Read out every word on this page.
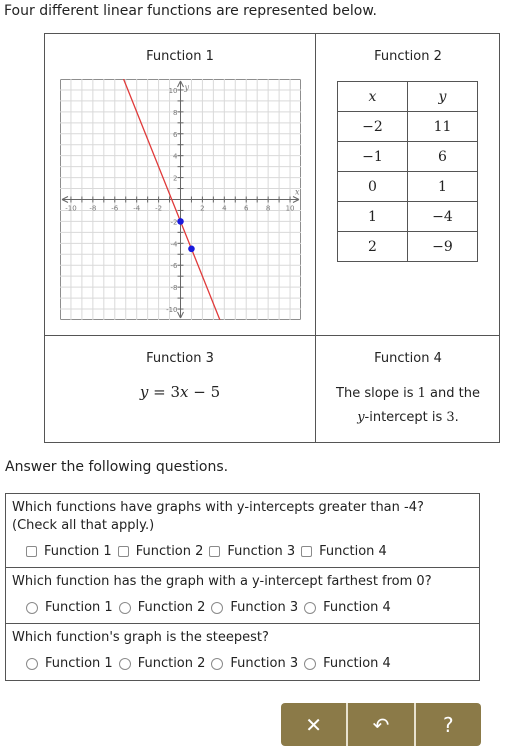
Four different linear functions are represented below.
Function 1
-10 -8 -6 -4 -2	2 4 6 8 10
10
8
6
4
2
-2
-4
-6
-8
-10
x
y
Function 2
x	y
−2	11
−1	6
0	1
1	−4
2	−9
Function 3
y = 3x − 5
Function 4
The slope is 1 and the
y-intercept is 3.
Answer the following questions.
Which functions have graphs with y-intercepts greater than -4?
(Check all that apply.)
Function 1 Function 2 Function 3 Function 4
Which function has the graph with a y-intercept farthest from 0?
Function 1 Function 2 Function 3 Function 4
Which function's graph is the steepest?
Function 1 Function 2 Function 3 Function 4
✕	↶	?
